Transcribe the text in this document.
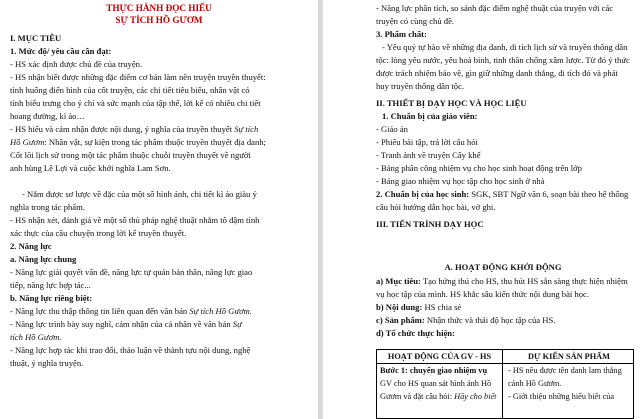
THỰC HÀNH ĐỌC HIỂU
SỰ TÍCH HỒ GƯƠM
I. MỤC TIÊU
1. Mức độ/ yêu cầu cần đạt:
- HS xác định được chủ đề của truyện.
- HS nhận biết được những đặc điểm cơ bản làm nên truyện truyền thuyết:
tình huống điển hình của cốt truyện, các chi tiết tiêu biểu, nhân vật có
tính biểu trưng cho ý chí và sức mạnh của tập thể, lời kể có nhiều chi tiết
hoang đường, kì ảo…
- HS hiểu và cảm nhận được nội dung, ý nghĩa của truyền thuyết Sự tích
Hồ Gươm: Nhân vật, sự kiện trong tác phẩm thuộc truyền thuyết địa danh;
Cốt lõi lịch sử trong một tác phẩm thuộc chuỗi truyền thuyết về người
anh hùng Lê Lợi và cuộc khởi nghĩa Lam Sơn.
- Nắm được sơ lược về đặc của một số hình ảnh, chi tiết kì ảo giàu ý
nghĩa trong tác phẩm.
- HS nhận xét, đánh giá về một số thủ pháp nghệ thuật nhằm tô đậm tính
xác thực của câu chuyện trong lời kể truyền thuyết.
2. Năng lực
a. Năng lực chung
- Năng lực giải quyết vấn đề, năng lực tự quản bản thân, năng lực giao
tiếp, năng lực hợp tác...
b. Năng lực riêng biệt:
- Năng lực thu thập thông tin liên quan đến văn bản Sự tích Hồ Gươm.
- Năng lực trình bày suy nghĩ, cảm nhận của cá nhân về văn bản Sự
tích Hồ Gươm.
- Năng lực hợp tác khi trao đổi, thảo luận về thành tựu nội dung, nghệ
thuật, ý nghĩa truyện.
- Năng lực phân tích, so sánh đặc điểm nghệ thuật của truyện với các
truyện có cùng chủ đề.
3. Phẩm chất:
- Yêu quý tự hào về những địa danh, di tích lịch sử và truyền thống dân
tộc: lòng yêu nước, yêu hoà bình, tinh thần chống xâm lược. Từ đó ý thức
được trách nhiệm bảo vệ, gìn giữ những danh thắng, di tích đó và phát
huy truyền thống dân tộc.
II. THIẾT BỊ DẠY HỌC VÀ HỌC LIỆU
1. Chuẩn bị của giáo viên:
- Giáo án
- Phiếu bài tập, trả lời câu hỏi
- Tranh ảnh về truyện Cây khế
- Bảng phân công nhiệm vụ cho học sinh hoạt động trên lớp
- Bảng giao nhiệm vụ học tập cho học sinh ở nhà
2. Chuẩn bị của học sinh: SGK, SBT Ngữ văn 6, soạn bài theo hệ thống
câu hỏi hướng dẫn học bài, vở ghi.
III. TIẾN TRÌNH DẠY HỌC
A. HOẠT ĐỘNG KHỞI ĐỘNG
a) Mục tiêu: Tạo hứng thú cho HS, thu hút HS sẵn sàng thực hiện nhiệm
vụ học tập của mình. HS khắc sâu kiến thức nội dung bài học.
b) Nội dung: HS chia sẻ
c) Sản phẩm: Nhận thức và thái độ học tập của HS.
d) Tổ chức thực hiện:
HOẠT ĐỘNG CỦA GV - HS	DỰ KIẾN SẢN PHẨM
Bước 1: chuyển giao nhiệm vụ
GV cho HS quan sát hình ảnh Hồ
Gươm và đặt câu hỏi: Hãy cho biết
- HS nêu được tên danh lam thắng
cảnh Hồ Gươm.
- Giới thiệu những hiểu biết của
